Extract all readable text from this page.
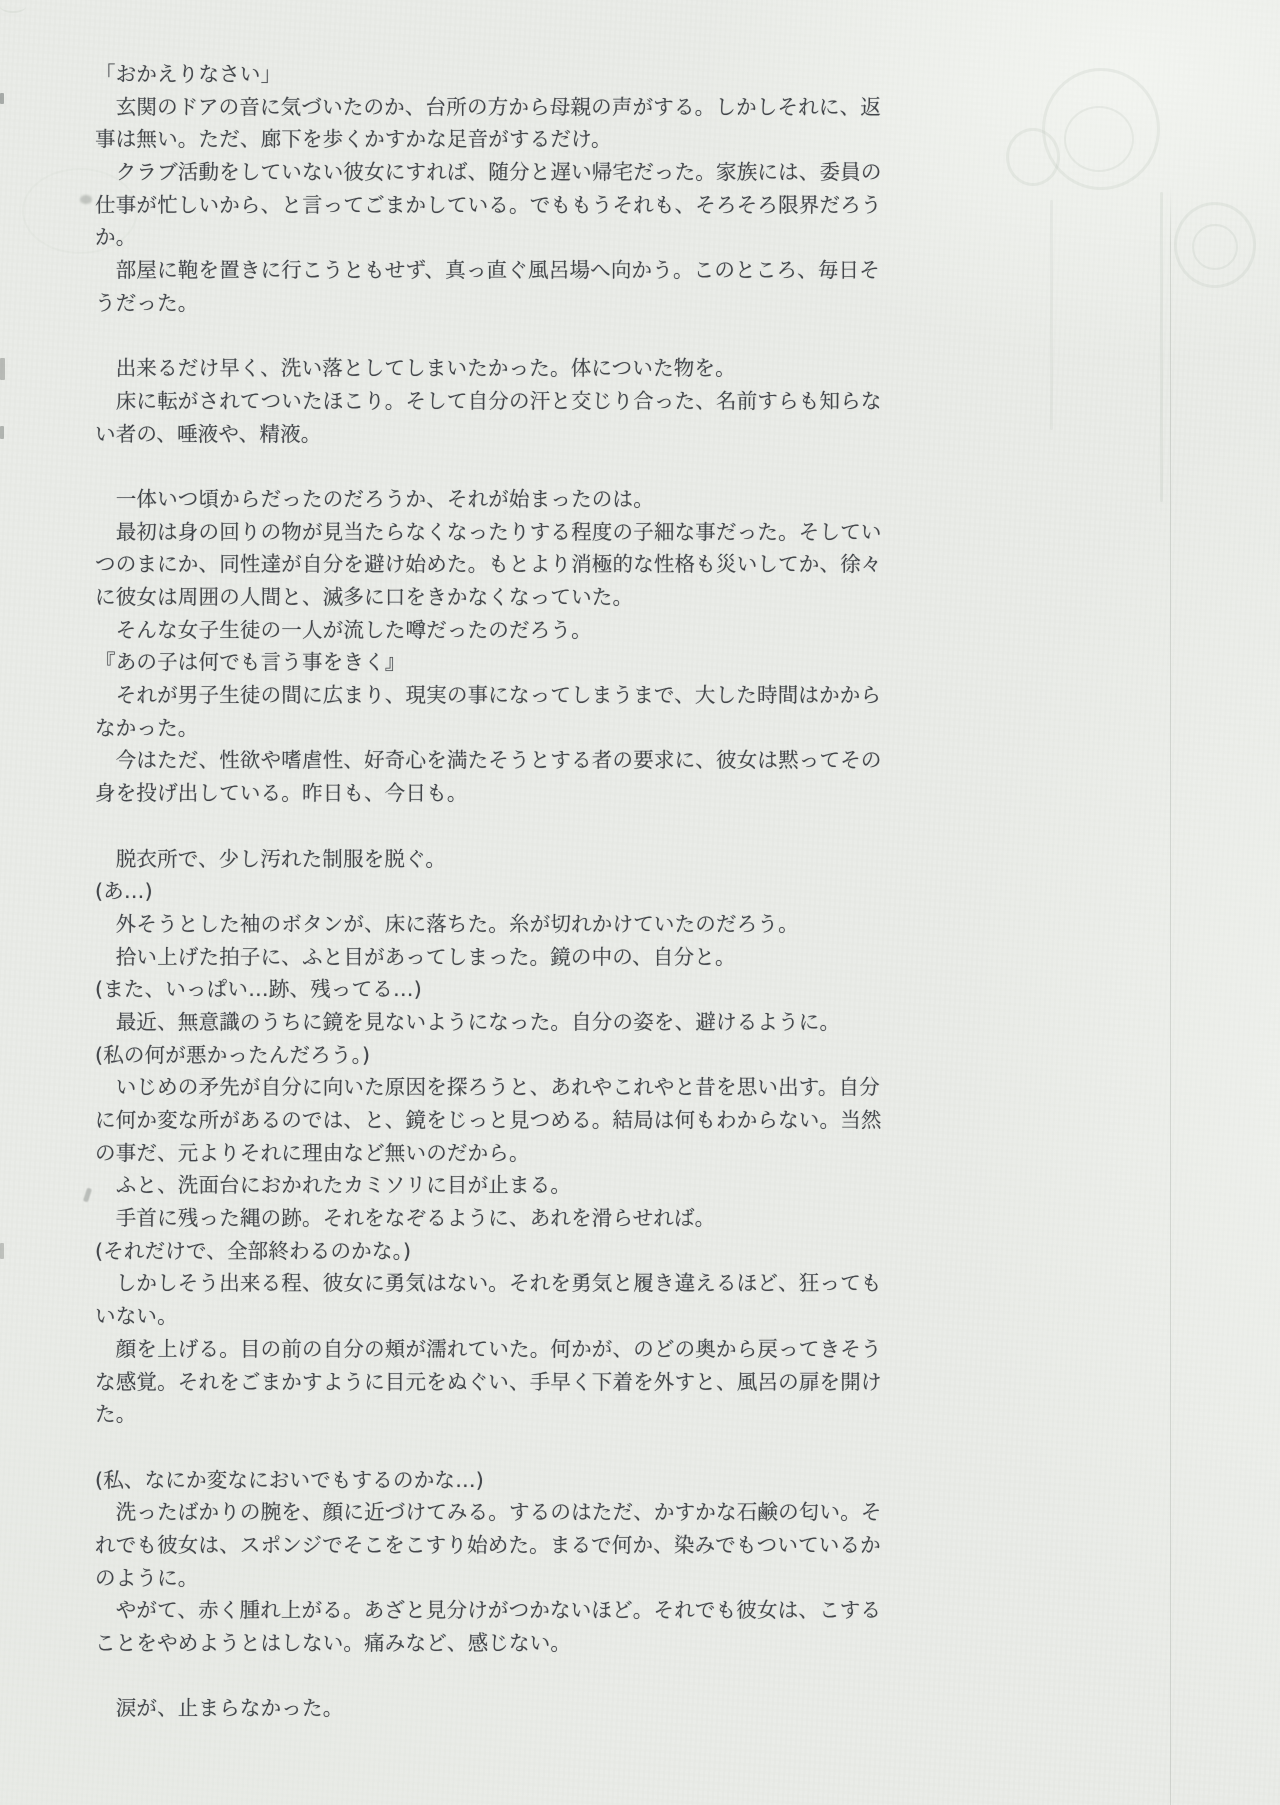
「おかえりなさい」
　玄関のドアの音に気づいたのか、台所の方から母親の声がする。しかしそれに、返
事は無い。ただ、廊下を歩くかすかな足音がするだけ。
　クラブ活動をしていない彼女にすれば、随分と遅い帰宅だった。家族には、委員の
仕事が忙しいから、と言ってごまかしている。でももうそれも、そろそろ限界だろう
か。
　部屋に鞄を置きに行こうともせず、真っ直ぐ風呂場へ向かう。このところ、毎日そ
うだった。
　出来るだけ早く、洗い落としてしまいたかった。体についた物を。
　床に転がされてついたほこり。そして自分の汗と交じり合った、名前すらも知らな
い者の、唾液や、精液。
　一体いつ頃からだったのだろうか、それが始まったのは。
　最初は身の回りの物が見当たらなくなったりする程度の子細な事だった。そしてい
つのまにか、同性達が自分を避け始めた。もとより消極的な性格も災いしてか、徐々
に彼女は周囲の人間と、滅多に口をきかなくなっていた。
　そんな女子生徒の一人が流した噂だったのだろう。
『あの子は何でも言う事をきく』
　それが男子生徒の間に広まり、現実の事になってしまうまで、大した時間はかから
なかった。
　今はただ、性欲や嗜虐性、好奇心を満たそうとする者の要求に、彼女は黙ってその
身を投げ出している。昨日も、今日も。
　脱衣所で、少し汚れた制服を脱ぐ。
(あ…)
　外そうとした袖のボタンが、床に落ちた。糸が切れかけていたのだろう。
　拾い上げた拍子に、ふと目があってしまった。鏡の中の、自分と。
(また、いっぱい…跡、残ってる…)
　最近、無意識のうちに鏡を見ないようになった。自分の姿を、避けるように。
(私の何が悪かったんだろう。)
　いじめの矛先が自分に向いた原因を探ろうと、あれやこれやと昔を思い出す。自分
に何か変な所があるのでは、と、鏡をじっと見つめる。結局は何もわからない。当然
の事だ、元よりそれに理由など無いのだから。
　ふと、洗面台におかれたカミソリに目が止まる。
　手首に残った縄の跡。それをなぞるように、あれを滑らせれば。
(それだけで、全部終わるのかな。)
　しかしそう出来る程、彼女に勇気はない。それを勇気と履き違えるほど、狂っても
いない。
　顔を上げる。目の前の自分の頬が濡れていた。何かが、のどの奥から戻ってきそう
な感覚。それをごまかすように目元をぬぐい、手早く下着を外すと、風呂の扉を開け
た。
(私、なにか変なにおいでもするのかな…)
　洗ったばかりの腕を、顔に近づけてみる。するのはただ、かすかな石鹸の匂い。そ
れでも彼女は、スポンジでそこをこすり始めた。まるで何か、染みでもついているか
のように。
　やがて、赤く腫れ上がる。あざと見分けがつかないほど。それでも彼女は、こする
ことをやめようとはしない。痛みなど、感じない。
　涙が、止まらなかった。
